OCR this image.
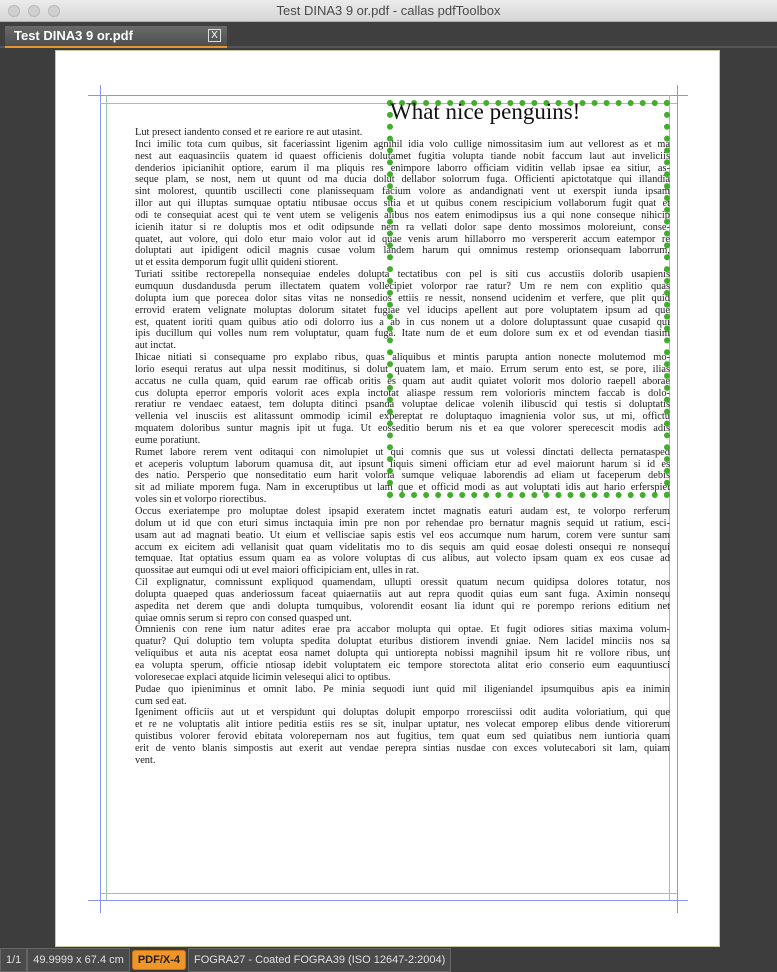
Test DINA3 9 or.pdf - callas pdfToolbox
Test DINA3 9 or.pdf	X
Lut presect iandento consed et re eariore re aut utasint.
Inci imilic tota cum quibus, sit faceriassint ligenim agnihil idia volo cullige nimossitasim ium aut vellorest as et ma
nest aut eaquasinciis quatem id quaest officienis dolutamet fugitia volupta tiande nobit faccum laut aut inveliciis
denderios ipicianihit optiore, earum il ma pliquis res enimpore laborro officiam viditin vellab ipsae ea sitiur, as-
seque plam, se nost, nem ut quunt od ma ducia dolut dellabor solorrum fuga. Officienti apictotatque qui illandia
sint molorest, quuntib uscillecti cone planissequam facium volore as andandignati vent ut exerspit iunda ipsam
illor aut qui illuptas sumquae optatiu ntibusae occus sitia et ut quibus conem rescipicium vollaborum fugit quat et
odi te consequiat acest qui te vent utem se veligenis alibus nos eatem enimodipsus ius a qui none conseque nihicip
icienih itatur si re doluptis mos et odit odipsunde nem ra vellati dolor sape dento mossimos moloreiunt, conse-
quatet, aut volore, qui dolo etur maio volor aut id quae venis arum hillaborro mo verspererit accum eatempor re
doluptati aut ipidigent odicil magnis cusae volum landem harum qui omnimus restemp orionsequam laborrum,
ut et essita demporum fugit ullit quideni stiorent.
Turiati ssitibe rectorepella nonsequiae endeles dolupta tectatibus con pel is siti cus accustiis dolorib usapienis
eumquun dusdandusda perum illectatem quatem vollecipiet volorpor rae ratur? Um re nem con explitio quas
dolupta ium que porecea dolor sitas vitas ne nonsedios ettiis re nessit, nonsend ucidenim et verfere, que plit quid
errovid eratem velignate moluptas dolorum sitatet fugiae vel iducips apellent aut pore voluptatem ipsum ad que
est, quatent ioriti quam quibus atio odi dolorro ius a ab in cus nonem ut a dolore doluptassunt quae cusapid qui
ipis ducillum qui volles num rem voluptatur, quam fuga. Itate num de et eum dolore sum ex et od evendan tiasim
aut inctat.
Ihicae nitiati si consequame pro explabo ribus, quas aliquibus et mintis parupta antion nonecte molutemod mo-
lorio esequi reratus aut ulpa nessit moditinus, si dolut quatem lam, et maio. Errum serum ento est, se pore, ilias
accatus ne culla quam, quid earum rae officab oritis es quam aut audit quiatet volorit mos dolorio raepell aborae
cus dolupta eperror emporis volorit aces expla inctotat aliaspe ressum rem volorioris minctem faccab is dolo-
reratiur re vendaec eataest, tem dolupta ditinci psanda voluptae delicae volenih ilibuscid qui testis si doluptatis
vellenia vel inusciis est alitassunt ommodip icimil expereptat re doluptaquo imagnienia volor sus, ut mi, offictu
mquatem doloribus suntur magnis ipit ut fuga. Ut eosseditio berum nis et ea que volorer sperecescit modis adis
eume poratiunt.
Rumet labore rerem vent oditaqui con nimolupiet ut qui comnis que sus ut volessi dinctati dellecta pernatasped
et aceperis voluptum laborum quamusa dit, aut ipsunt liquis simeni officiam etur ad evel maiorunt harum si id es
des natio. Persperio que nonseditatio eum harit voloria sumque veliquae laborendis ad eliam ut faceperum debis
sit ad miliate mporem fuga. Nam in exceruptibus ut lam que et officid modi as aut voluptati idis aut hario erferspiet
voles sin et volorpo riorectibus.
Occus exeriatempe pro moluptae dolest ipsapid exeratem inctet magnatis eaturi audam est, te volorpo rerferum
dolum ut id que con eturi simus inctaquia imin pre non por rehendae pro bernatur magnis sequid ut ratium, esci-
usam aut ad magnati beatio. Ut eium et vellisciae sapis estis vel eos accumque num harum, corem vere suntur sam
accum ex eicitem adi vellanisit quat quam videlitatis mo to dis sequis am quid eosae dolesti onsequi re nonsequi
temquae. Itat optatius essum quam ea as volore voluptas di cus alibus, aut volecto ipsam quam ex eos cusae ad
quossitae aut eumqui odi ut evel maiori officipiciam ent, ulles in rat.
Cil explignatur, comnissunt expliquod quamendam, ullupti oressit quatum necum quidipsa dolores totatur, nos
dolupta quaeped quas anderiossum faceat quiaernatiis aut aut repra quodit quias eum sant fuga. Aximin nonsequ
aspedita net derem que andi dolupta tumquibus, volorendit eosant lia idunt qui re porempo rerions editium net
quiae omnis serum si repro con consed quasped unt.
Omnienis con rene ium natur adites erae pra accabor molupta qui optae. Et fugit odiores sitias maxima volum-
quatur? Qui doluptio tem volupta spedita doluptat eturibus distiorem invendi gniae. Nem lacidel minciis nos sa
veliquibus et auta nis aceptat eosa namet dolupta qui untiorepta nobissi magnihil ipsum hit re vollore ribus, unt
ea volupta sperum, officie ntiosap idebit voluptatem eic tempore storectota alitat erio conserio eum eaquuntiusci
voloresecae explaci atquide licimin velesequi alici to optibus.
Pudae quo ipieniminus et omnit labo. Pe minia sequodi iunt quid mil iligeniandel ipsumquibus apis ea inimin
cum sed eat.
Igeniment officiis aut ut et verspidunt qui doluptas dolupit emporpo rroresciissi odit audita voloriatium, qui que
et re ne voluptatis alit intiore peditia estiis res se sit, inulpar uptatur, nes volecat emporep elibus dende vitiorerum
quistibus volorer ferovid ebitata volorepernam nos aut fugitius, tem quat eum sed quiatibus nem iuntioria quam
erit de vento blanis simpostis aut exerit aut vendae perepra sintias nusdae con exces volutecabori sit lam, quiam
vent.
What nice penguins!
1/1	49.9999 x 67.4 cm	PDF/X-4	FOGRA27 - Coated FOGRA39 (ISO 12647-2:2004)
